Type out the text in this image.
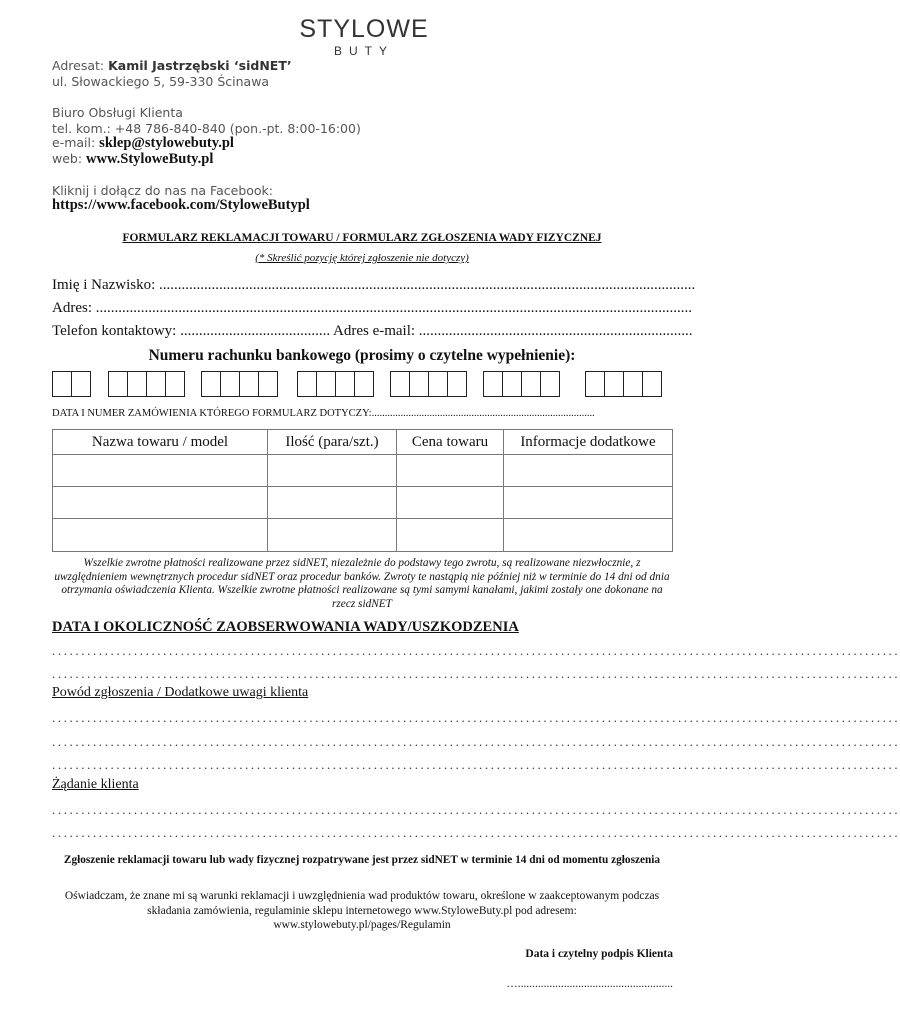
STYLOWE
BUTY
Adresat: Kamil Jastrzębski ‘sidNET’
ul. Słowackiego 5, 59-330 Ścinawa
Biuro Obsługi Klienta
tel. kom.: +48 786-840-840 (pon.-pt. 8:00-16:00)
e-mail: sklep@stylowebuty.pl
web: www.StyloweButy.pl
Kliknij i dołącz do nas na Facebook:
https://www.facebook.com/StyloweButypl
FORMULARZ REKLAMACJI TOWARU / FORMULARZ ZGŁOSZENIA WADY FIZYCZNEJ
(* Skreślić pozycję której zgłoszenie nie dotyczy)
Imię i Nazwisko: ...............................................................................................................................................
Adres: ...............................................................................................................................................................
Telefon kontaktowy: ........................................ Adres e-mail: .........................................................................
Numeru rachunku bankowego (prosimy o czytelne wypełnienie):
DATA I NUMER ZAMÓWIENIA KTÓREGO FORMULARZ DOTYCZY:.....................................................................................
Nazwa towaru / model	Ilość (para/szt.)	Cena towaru	Informacje dodatkowe

Wszelkie zwrotne płatności realizowane przez sidNET, niezależnie do podstawy tego zwrotu, są realizowane niezwłocznie, z uwzględnieniem wewnętrznych procedur sidNET oraz procedur banków. Zwroty te nastąpią nie później niż w terminie do 14 dni od dnia otrzymania oświadczenia Klienta. Wszelkie zwrotne płatności realizowane są tymi samymi kanałami, jakimi zostały one dokonane na rzecz sidNET
DATA I OKOLICZNOŚĆ ZAOBSERWOWANIA WADY/USZKODZENIA
.................................................................................................................................................
.................................................................................................................................................
Powód zgłoszenia / Dodatkowe uwagi klienta
.................................................................................................................................................
.................................................................................................................................................
.................................................................................................................................................
Żądanie klienta
.................................................................................................................................................
.................................................................................................................................................
Zgłoszenie reklamacji towaru lub wady fizycznej rozpatrywane jest przez sidNET w terminie 14 dni od momentu zgłoszenia
Oświadczam, że znane mi są warunki reklamacji i uwzględnienia wad produktów towaru, określone w zaakceptowanym podczas składania zamówienia, regulaminie sklepu internetowego www.StyloweButy.pl pod adresem: www.stylowebuty.pl/pages/Regulamin
Data i czytelny podpis Klienta
…......................................................
